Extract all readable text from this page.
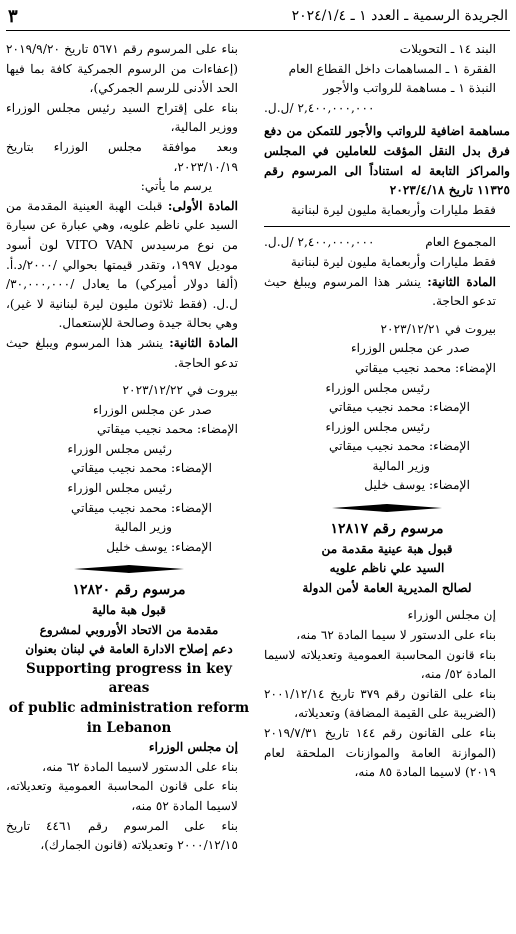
الجريدة الرسمية ـ العدد ١ ـ ٢٠٢٤/١/٤
٣

البند ١٤ ـ التحويلات

الفقرة ١ ـ المساهمات داخل القطاع العام

النبذة ١ ـ مساهمة للرواتب والأجور

٢,٤٠٠,٠٠٠,٠٠٠ /ل.ل.

مساهمة اضافية للرواتب والأجور للتمكن من دفع فرق بدل النقل المؤقت للعاملين في المجلس والمراكز التابعة له استناداً الى المرسوم رقم ١١٣٢٥ تاريخ ٢٠٢٣/٤/١٨

فقط مليارات وأربعماية مليون ليرة لبنانية

المجموع العام
٢,٤٠٠,٠٠٠,٠٠٠ /ل.ل.

فقط مليارات وأربعماية مليون ليرة لبنانية

المادة الثانية: ينشر هذا المرسوم ويبلغ حيث تدعو الحاجة.

بيروت في ٢٠٢٣/١٢/٢١

صدر عن مجلس الوزراء

الإمضاء: محمد نجيب ميقاتي

رئيس مجلس الوزراء

الإمضاء: محمد نجيب ميقاتي

رئيس مجلس الوزراء

الإمضاء: محمد نجيب ميقاتي

وزير المالية

الإمضاء: يوسف خليل

مرسوم رقم ١٢٨١٧

قبول هبة عينية مقدمة من

السيد علي ناظم علويه

لصالح المديرية العامة لأمن الدولة

إن مجلس الوزراء

بناء على الدستور لا سيما المادة ٦٢ منه،

بناء قانون المحاسبة العمومية وتعديلاته لاسيما المادة ٥٢/ منه،

بناء على القانون رقم ٣٧٩ تاريخ ٢٠٠١/١٢/١٤ (الضريبة على القيمة المضافة) وتعديلاته،

بناء على القانون رقم ١٤٤ تاريخ ٢٠١٩/٧/٣١ (الموازنة العامة والموازنات الملحقة لعام ٢٠١٩) لاسيما المادة ٨٥ منه،

بناء على المرسوم رقم ٥٦٧١ تاريخ ٢٠١٩/٩/٢٠ (إعفاءات من الرسوم الجمركية كافة بما فيها الحد الأدنى للرسم الجمركي)،

بناء على إقتراح السيد رئيس مجلس الوزراء ووزير المالية،

وبعد موافقة مجلس الوزراء بتاريخ ٢٠٢٣/١٠/١٩،

يرسم ما يأتي:

المادة الأولى: قبلت الهبة العينية المقدمة من السيد علي ناظم علويه، وهي عبارة عن سيارة من نوع مرسيدس VITO VAN لون أسود موديل ١٩٩٧، وتقدر قيمتها بحوالي /٢٠٠٠/د.أ. (ألفا دولار أميركي) ما يعادل /٣٠,٠٠٠,٠٠٠/ل.ل. (فقط ثلاثون مليون ليرة لبنانية لا غير)، وهي بحالة جيدة وصالحة للإستعمال.

المادة الثانية: ينشر هذا المرسوم ويبلغ حيث تدعو الحاجة.

بيروت في ٢٠٢٣/١٢/٢٢

صدر عن مجلس الوزراء

الإمضاء: محمد نجيب ميقاتي

رئيس مجلس الوزراء

الإمضاء: محمد نجيب ميقاتي

رئيس مجلس الوزراء

الإمضاء: محمد نجيب ميقاتي

وزير المالية

الإمضاء: يوسف خليل

مرسوم رقم ١٢٨٢٠

قبول هبة مالية

مقدمة من الاتحاد الأوروبي لمشروع

دعم إصلاح الادارة العامة في لبنان بعنوان

Supporting progress in key areas

of public administration reform in Lebanon

إن مجلس الوزراء

بناء على الدستور لاسيما المادة ٦٢ منه،

بناء على قانون المحاسبة العمومية وتعديلاته، لاسيما المادة ٥٢ منه،

بناء على المرسوم رقم ٤٤٦١ تاريخ ٢٠٠٠/١٢/١٥ وتعديلاته (قانون الجمارك)،
